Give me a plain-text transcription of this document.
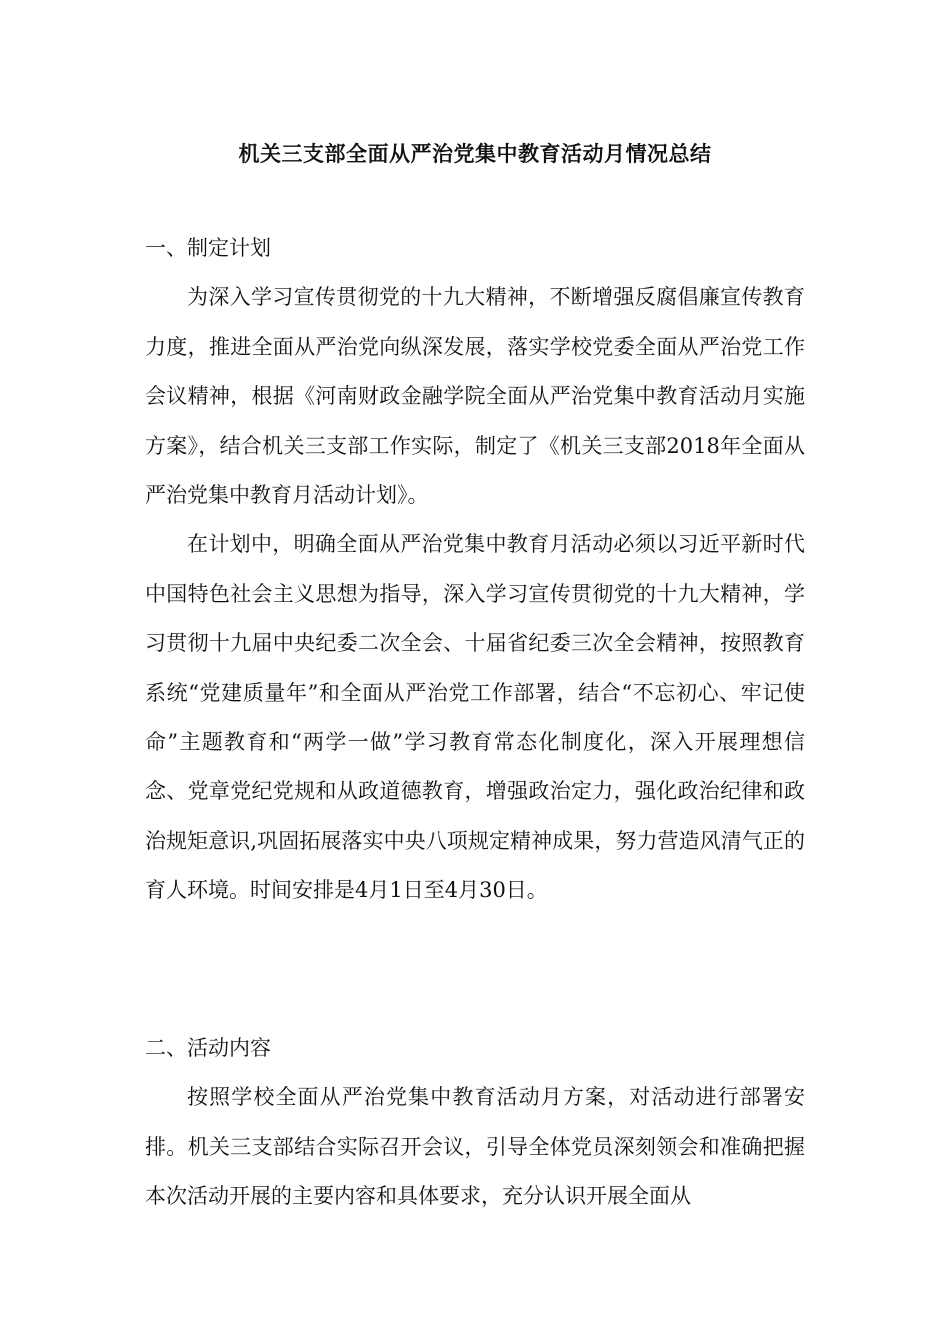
机关三支部全面从严治党集中教育活动月情况总结
一、制定计划

为深入学习宣传贯彻党的十九大精神，不断增强反腐倡廉宣传教育力度，推进全面从严治党向纵深发展，落实学校党委全面从严治党工作会议精神，根据《河南财政金融学院全面从严治党集中教育活动月实施方案》，结合机关三支部工作实际，制定了《机关三支部2018年全面从严治党集中教育月活动计划》。

在计划中，明确全面从严治党集中教育月活动必须以习近平新时代中国特色社会主义思想为指导，深入学习宣传贯彻党的十九大精神，学习贯彻十九届中央纪委二次全会、十届省纪委三次全会精神，按照教育系统“党建质量年”和全面从严治党工作部署，结合“不忘初心、牢记使命”主题教育和“两学一做”学习教育常态化制度化，深入开展理想信念、党章党纪党规和从政道德教育，增强政治定力，强化政治纪律和政治规矩意识,巩固拓展落实中央八项规定精神成果，努力营造风清气正的育人环境。时间安排是4月1日至4月30日。

二、活动内容

按照学校全面从严治党集中教育活动月方案，对活动进行部署安排。机关三支部结合实际召开会议，引导全体党员深刻领会和准确把握本次活动开展的主要内容和具体要求，充分认识开展全面从
